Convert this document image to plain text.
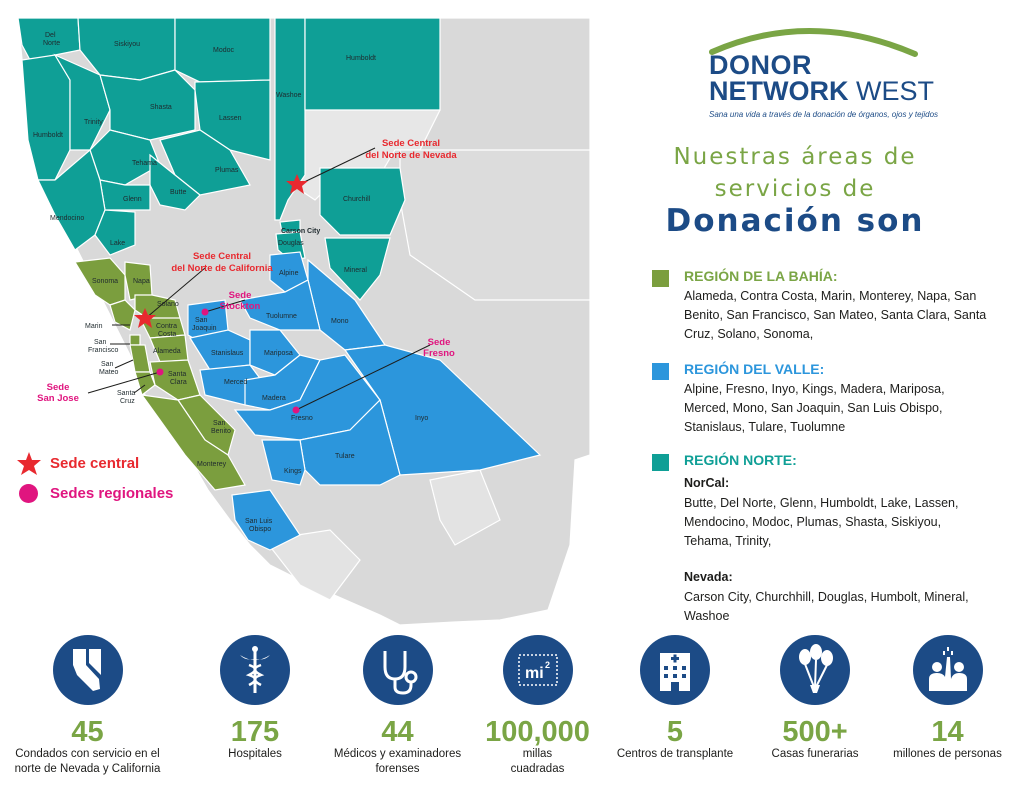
Del Norte	Siskiyou
Modoc
Humboldt
Humboldt
Trinity
Shasta
Lassen
Washoe
Tehama
Plumas
Butte
Glenn
Mendocino
Lake
Churchill
Carson City
Douglas
Mineral
Sonoma Napa
Solano
Marin	Contra Costa
San Francisco	Alameda
San Mateo	Santa Clara
Santa Cruz
San Benito
Monterey
Alpine
San Joaquin
Tuolumne
Mono
Stanislaus	Mariposa
Merced
Madera
Fresno	Inyo
Tulare
Kings
San Luis Obispo
Sede Central del Norte de Nevada
Sede Central del Norte de California
Sede Stockton
Sede Fresno
Sede San Jose
Sede central
Sedes regionales
DONOR
NETWORK WEST
Sana una vida a través de la donación de órganos, ojos y tejidos
Nuestras áreas de
servicios de
Donación son
REGIÓN DE LA BAHÍA:
Alameda, Contra Costa, Marin, Monterey, Napa, San Benito, San Francisco, San Mateo, Santa Clara, Santa Cruz, Solano, Sonoma,
REGIÓN DEL VALLE:
Alpine, Fresno, Inyo, Kings, Madera, Mariposa, Merced, Mono, San Joaquin, San Luis Obispo, Stanislaus, Tulare, Tuolumne
REGIÓN NORTE:
NorCal:
Butte, Del Norte, Glenn, Humboldt, Lake, Lassen, Mendocino, Modoc, Plumas, Shasta, Siskiyou, Tehama, Trinity,
Nevada:
Carson City, Churchhill, Douglas, Humbolt, Mineral, Washoe
45
Condados con servicio en el norte de Nevada y California
175
Hospitales
44
Médicos y examinadores forenses
mi 2
100,000
millas cuadradas
5
Centros de transplante
500+
Casas funerarias
14
millones de personas
